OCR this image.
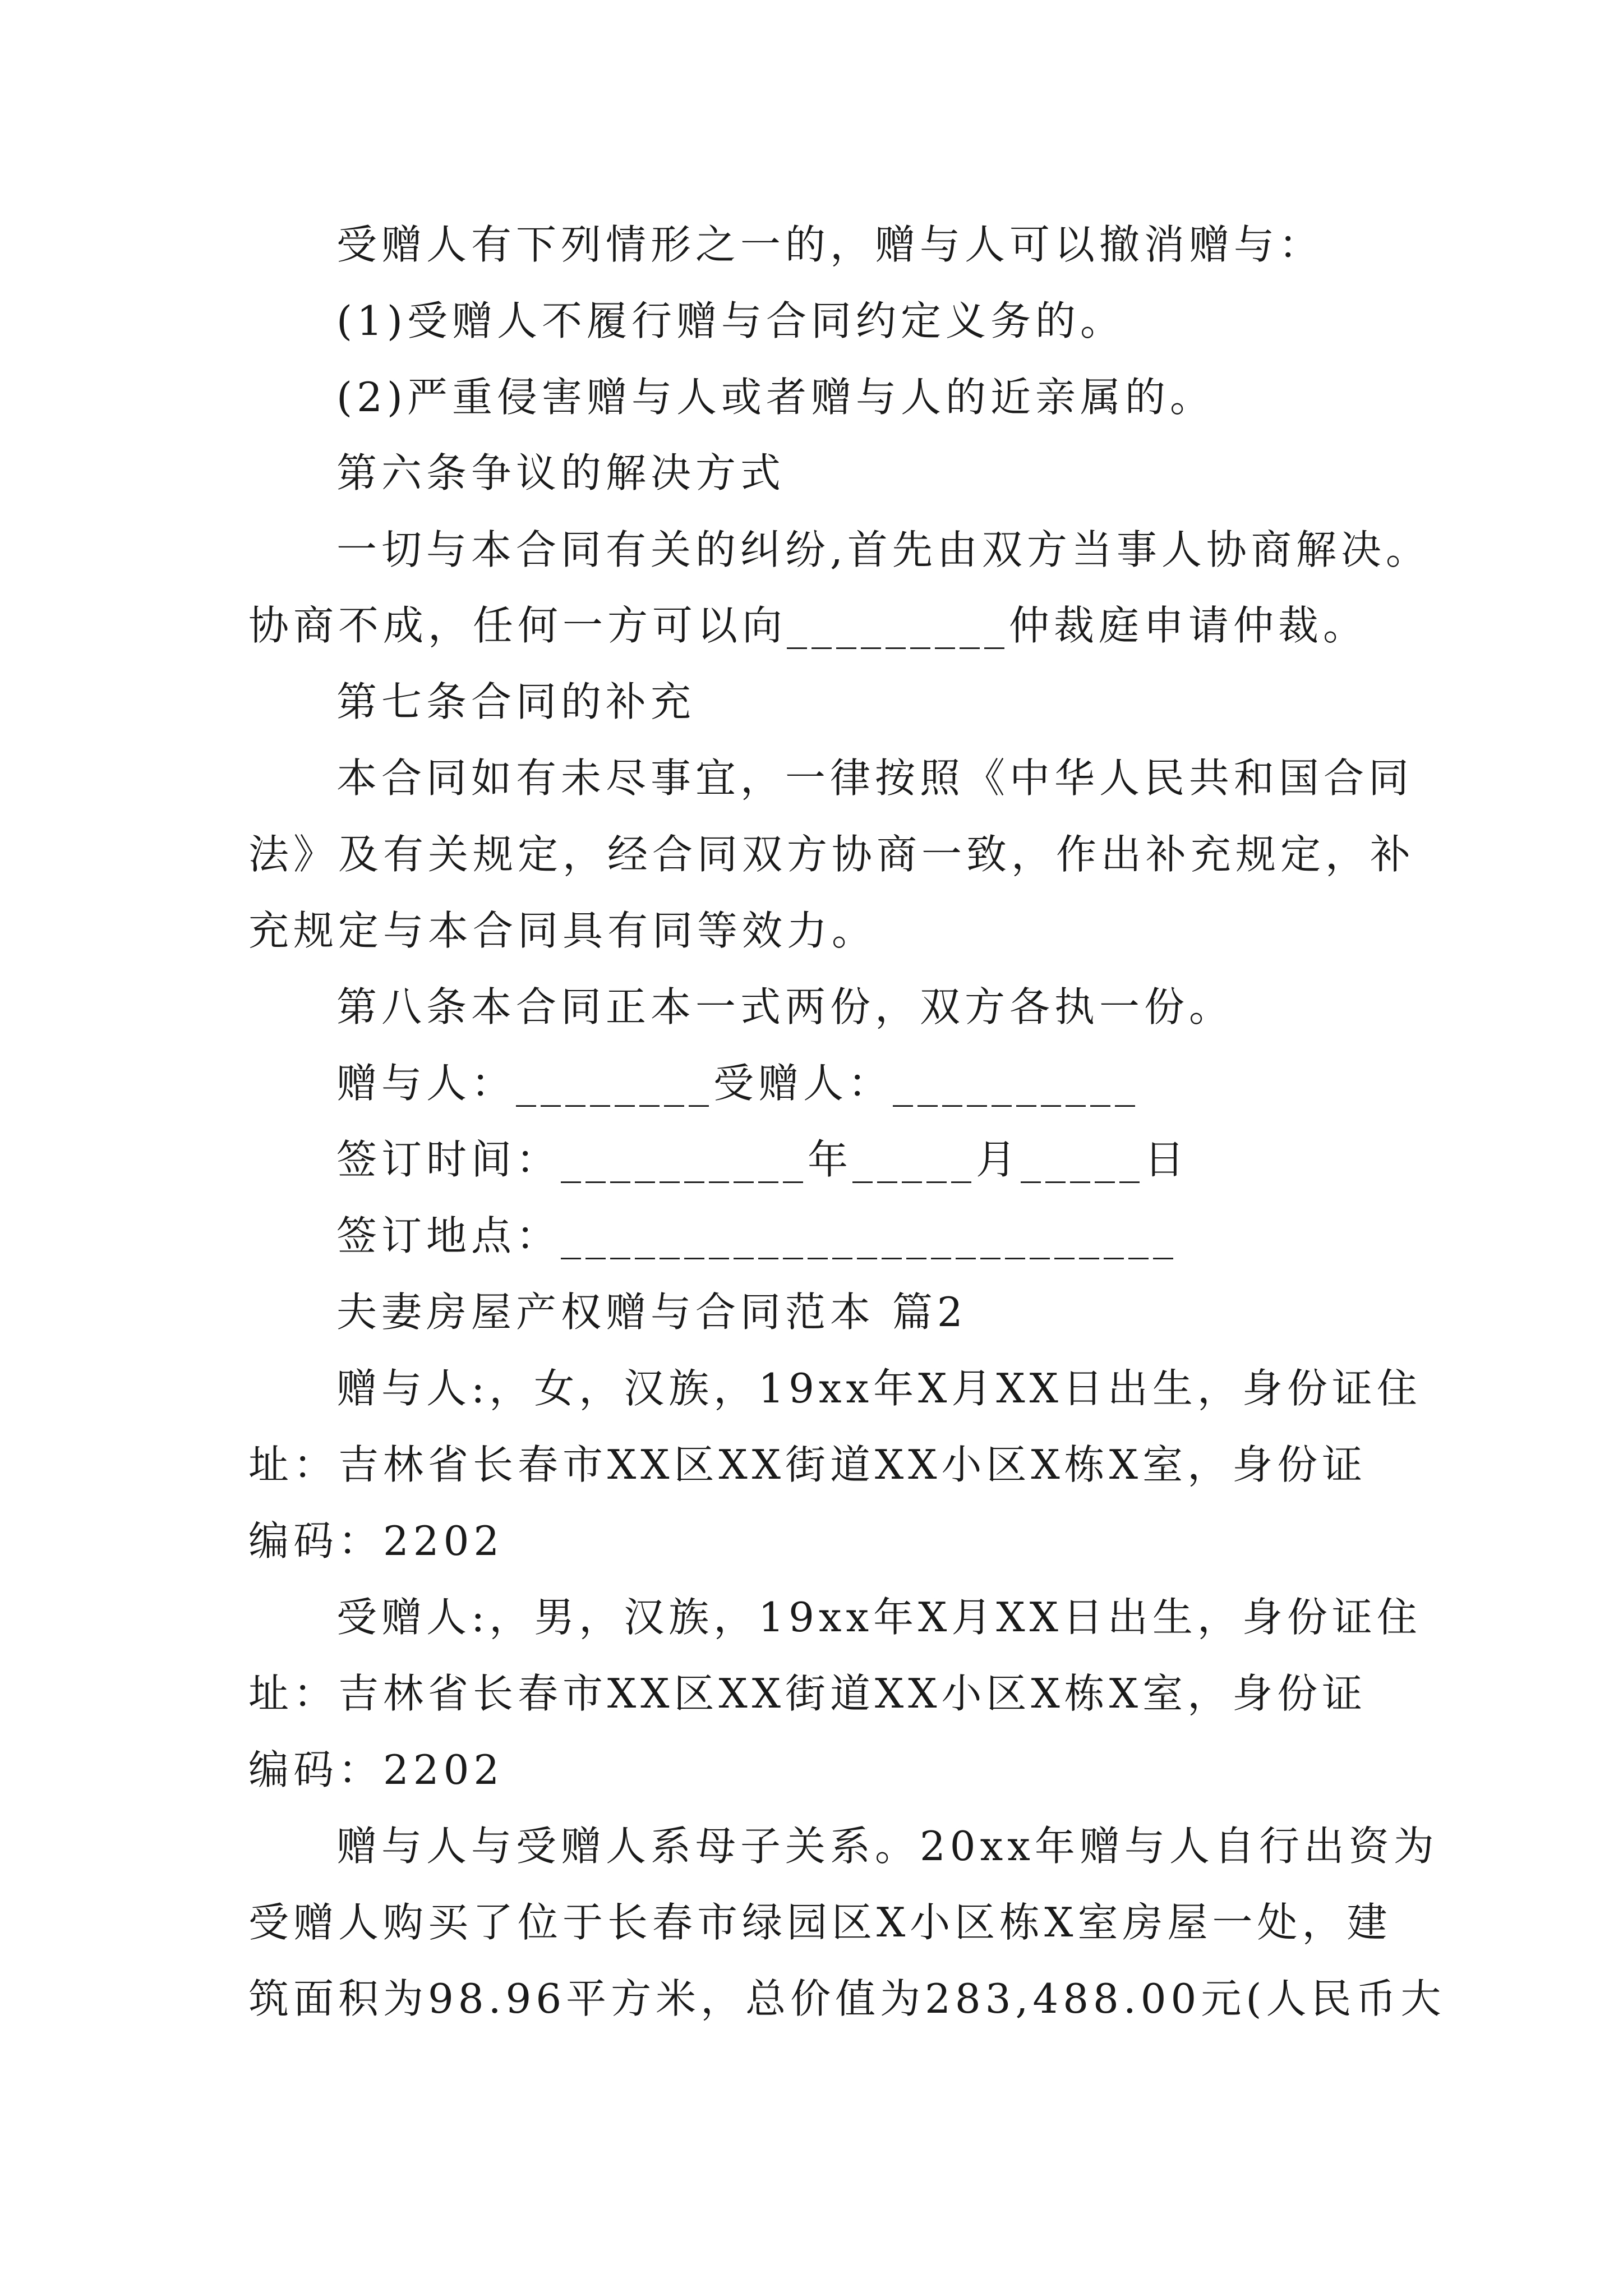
受赠人有下列情形之一的，赠与人可以撤消赠与：
(1)受赠人不履行赠与合同约定义务的。
(2)严重侵害赠与人或者赠与人的近亲属的。
第六条争议的解决方式
一切与本合同有关的纠纷,首先由双方当事人协商解决。
协商不成，任何一方可以向_________仲裁庭申请仲裁。
第七条合同的补充
本合同如有未尽事宜，一律按照《中华人民共和国合同
法》及有关规定，经合同双方协商一致，作出补充规定，补
充规定与本合同具有同等效力。
第八条本合同正本一式两份，双方各执一份。
赠与人：________受赠人：__________
签订时间：__________年_____月_____日
签订地点：_________________________
夫妻房屋产权赠与合同范本 篇2
赠与人:，女，汉族，19xx年X月XX日出生，身份证住
址：吉林省长春市XX区XX街道XX小区X栋X室，身份证
编码：2202
受赠人:，男，汉族，19xx年X月XX日出生，身份证住
址：吉林省长春市XX区XX街道XX小区X栋X室，身份证
编码：2202
赠与人与受赠人系母子关系。20xx年赠与人自行出资为
受赠人购买了位于长春市绿园区X小区栋X室房屋一处，建
筑面积为98.96平方米，总价值为283,488.00元(人民币大
